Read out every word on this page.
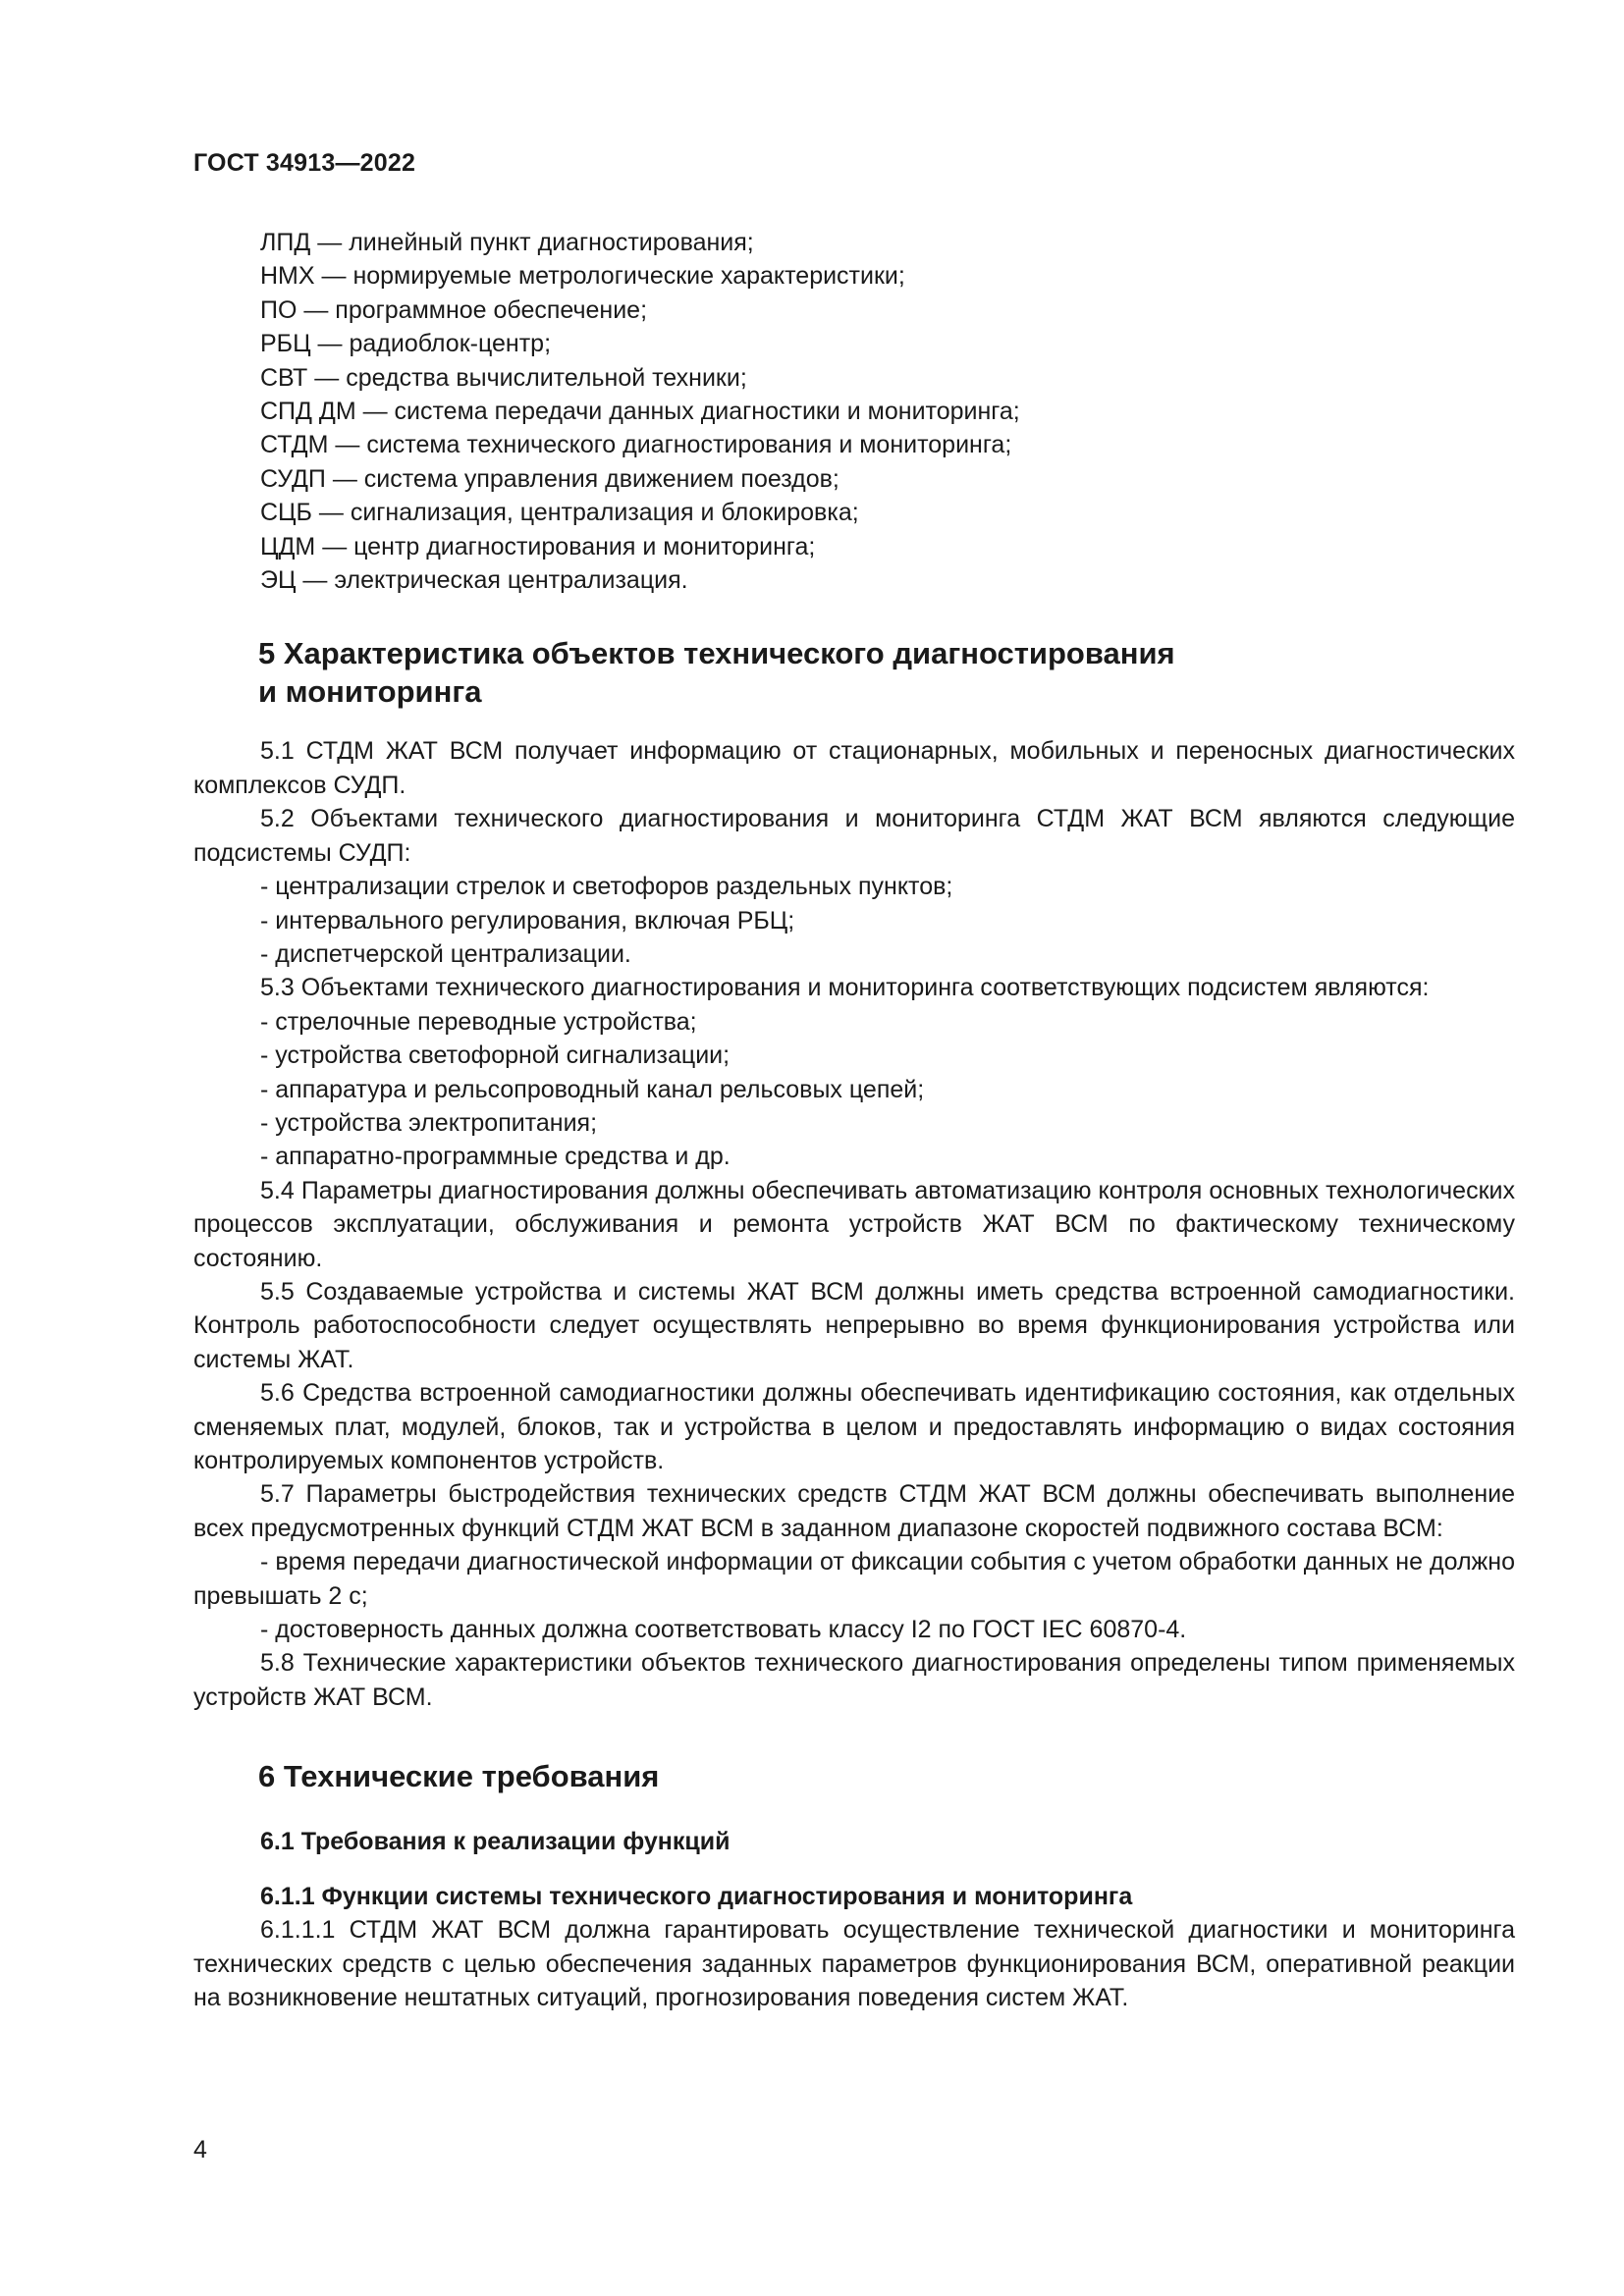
ГОСТ 34913—2022
ЛПД — линейный пункт диагностирования;
НМХ — нормируемые метрологические характеристики;
ПО — программное обеспечение;
РБЦ — радиоблок-центр;
СВТ — средства вычислительной техники;
СПД ДМ — система передачи данных диагностики и мониторинга;
СТДМ — система технического диагностирования и мониторинга;
СУДП — система управления движением поездов;
СЦБ — сигнализация, централизация и блокировка;
ЦДМ — центр диагностирования и мониторинга;
ЭЦ — электрическая централизация.
5 Характеристика объектов технического диагностирования
и мониторинга

5.1 СТДМ ЖАТ ВСМ получает информацию от стационарных, мобильных и переносных диагностических комплексов СУДП.

5.2 Объектами технического диагностирования и мониторинга СТДМ ЖАТ ВСМ являются следующие подсистемы СУДП:

- централизации стрелок и светофоров раздельных пунктов;

- интервального регулирования, включая РБЦ;

- диспетчерской централизации.

5.3 Объектами технического диагностирования и мониторинга соответствующих подсистем являются:

- стрелочные переводные устройства;

- устройства светофорной сигнализации;

- аппаратура и рельсопроводный канал рельсовых цепей;

- устройства электропитания;

- аппаратно-программные средства и др.

5.4 Параметры диагностирования должны обеспечивать автоматизацию контроля основных технологических процессов эксплуатации, обслуживания и ремонта устройств ЖАТ ВСМ по фактическому техническому состоянию.

5.5 Создаваемые устройства и системы ЖАТ ВСМ должны иметь средства встроенной самодиагностики. Контроль работоспособности следует осуществлять непрерывно во время функционирования устройства или системы ЖАТ.

5.6 Средства встроенной самодиагностики должны обеспечивать идентификацию состояния, как отдельных сменяемых плат, модулей, блоков, так и устройства в целом и предоставлять информацию о видах состояния контролируемых компонентов устройств.

5.7 Параметры быстродействия технических средств СТДМ ЖАТ ВСМ должны обеспечивать выполнение всех предусмотренных функций СТДМ ЖАТ ВСМ в заданном диапазоне скоростей подвижного состава ВСМ:

- время передачи диагностической информации от фиксации события с учетом обработки данных не должно превышать 2 с;

- достоверность данных должна соответствовать классу I2 по ГОСТ IEC 60870-4.

5.8 Технические характеристики объектов технического диагностирования определены типом применяемых устройств ЖАТ ВСМ.

6 Технические требования
6.1 Требования к реализации функций
6.1.1 Функции системы технического диагностирования и мониторинга

6.1.1.1 СТДМ ЖАТ ВСМ должна гарантировать осуществление технической диагностики и мониторинга технических средств с целью обеспечения заданных параметров функционирования ВСМ, оперативной реакции на возникновение нештатных ситуаций, прогнозирования поведения систем ЖАТ.

4
